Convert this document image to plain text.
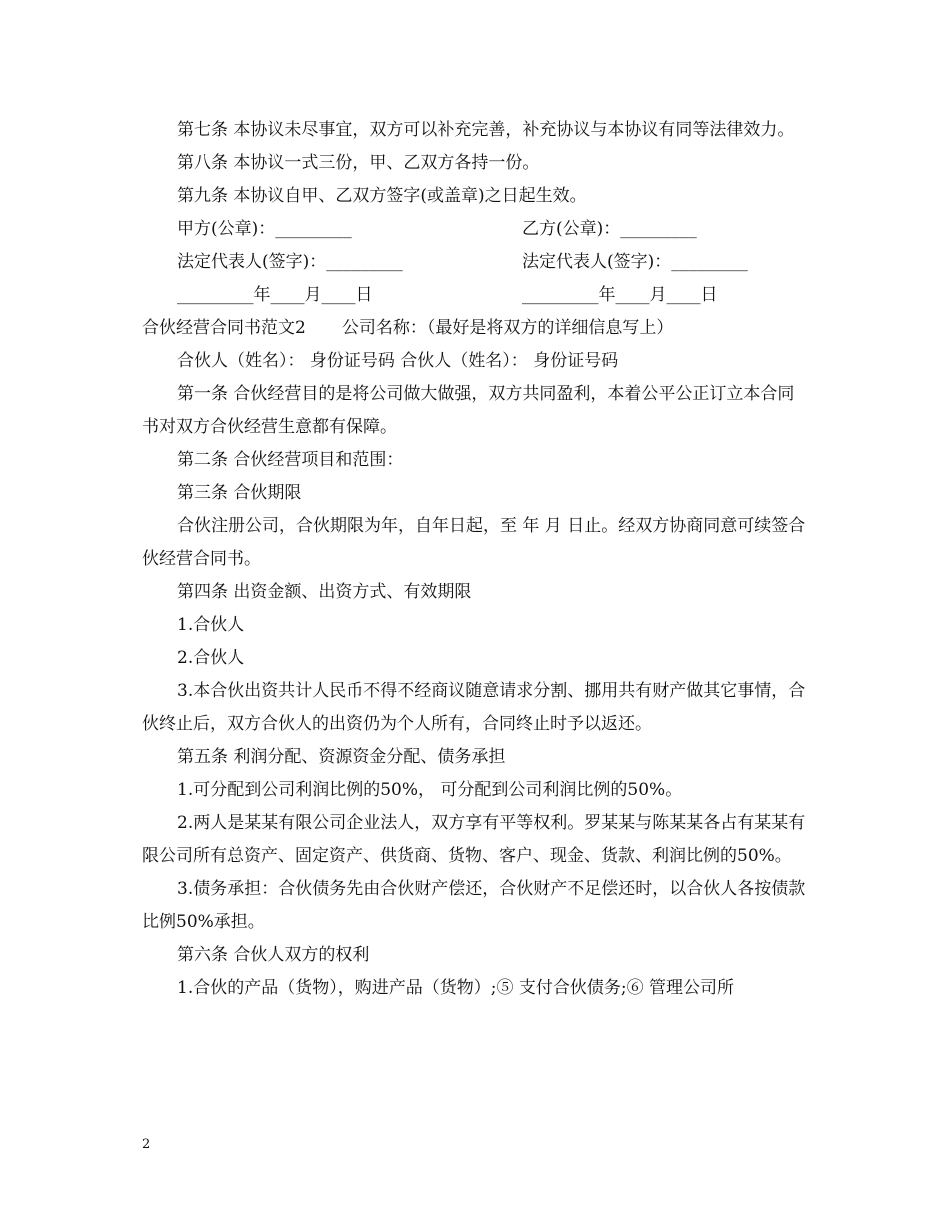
第七条 本协议未尽事宜，双方可以补充完善，补充协议与本协议有同等法律效力。

第八条 本协议一式三份，甲、乙双方各持一份。

第九条 本协议自甲、乙双方签字(或盖章)之日起生效。

甲方(公章)：_________	乙方(公章)：_________
法定代表人(签字)：_________	法定代表人(签字)：_________
_________年____月____日	_________年____月____日
合伙经营合同书范文2 公司名称：（最好是将双方的详细信息写上）

合伙人（姓名）： 身份证号码 合伙人（姓名）： 身份证号码

第一条 合伙经营目的是将公司做大做强，双方共同盈利，本着公平公正订立本合同书对双方合伙经营生意都有保障。

第二条 合伙经营项目和范围：

第三条 合伙期限

合伙注册公司，合伙期限为年，自年日起，至 年 月 日止。经双方协商同意可续签合伙经营合同书。

第四条 出资金额、出资方式、有效期限

1.合伙人

2.合伙人

3.本合伙出资共计人民币不得不经商议随意请求分割、挪用共有财产做其它事情，合伙终止后，双方合伙人的出资仍为个人所有，合同终止时予以返还。

第五条 利润分配、资源资金分配、债务承担

1.可分配到公司利润比例的50%， 可分配到公司利润比例的50%。

2.两人是某某有限公司企业法人，双方享有平等权利。罗某某与陈某某各占有某某有限公司所有总资产、固定资产、供货商、货物、客户、现金、货款、利润比例的50%。

3.债务承担：合伙债务先由合伙财产偿还，合伙财产不足偿还时，以合伙人各按债款比例50%承担。

第六条 合伙人双方的权利

1.合伙的产品（货物），购进产品（货物）;⑤ 支付合伙债务;⑥ 管理公司所

2
